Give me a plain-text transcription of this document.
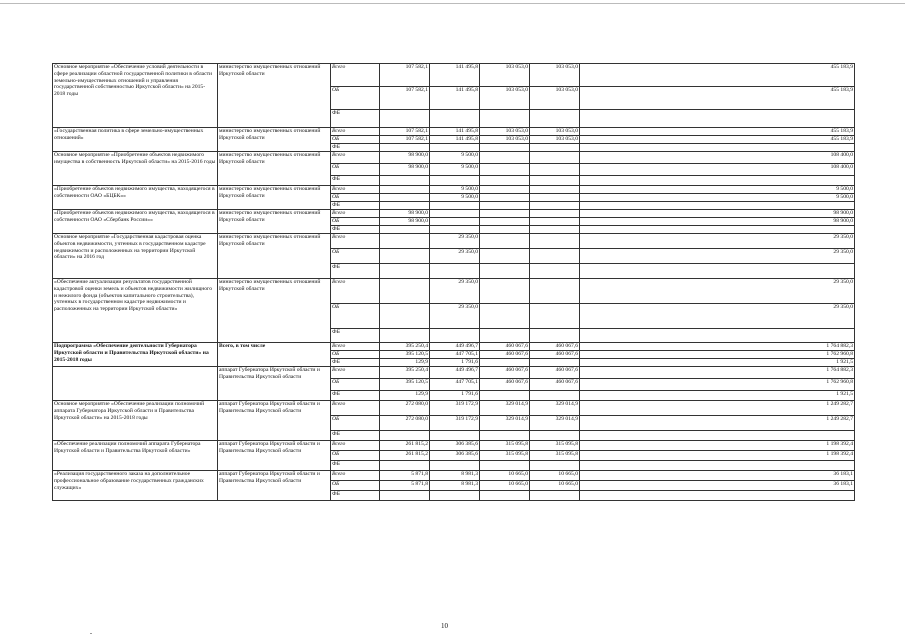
Основное мероприятие «Обеспечение условий деятельности в сфере реализации областной государственной политики в области земельно-имущественных отношений и управления государственной собственностью Иркутской области» на 2015-2018 годы	министерство имущественных отношений Иркутской области	Всего	107 582,1	141 495,8	103 053,0	103 053,0	455 183,9
		ОБ	107 582,1	141 495,8	103 053,0	103 053,0	455 183,9
		ФБ					
«Государственная политика в сфере земельно-имущественных отношений»	министерство имущественных отношений Иркутской области	Всего	107 582,1	141 495,8	103 053,0	103 053,0	455 183,9
		ОБ	107 582,1	141 495,8	103 053,0	103 053,0	455 183,9
		ФБ					
Основное мероприятие «Приобретение объектов недвижимого имущества в собственность Иркутской области» на 2015-2016 годы	министерство имущественных отношений Иркутской области	Всего	98 900,0	9 500,0			108 400,0
		ОБ	98 900,0	9 500,0			108 400,0
		ФБ					
«Приобретение объектов недвижимого имущества, находящегося в собственности ОАО «БЦБК»»	министерство имущественных отношений Иркутской области	Всего		9 500,0			9 500,0
		ОБ		9 500,0			9 500,0
		ФБ					
«Приобретение объектов недвижимого имущества, находящегося в собственности ОАО «Сбербанк России»»	министерство имущественных отношений Иркутской области	Всего	98 900,0				98 900,0
		ОБ	98 900,0				98 900,0
		ФБ					
Основное мероприятие «Государственная кадастровая оценка объектов недвижимости, учтенных в государственном кадастре недвижимости и расположенных на территории Иркутской области» на 2016 год	министерство имущественных отношений Иркутской области	Всего		29 350,0			29 350,0
		ОБ		29 350,0			29 350,0
		ФБ					
«Обеспечение актуализации результатов государственной кадастровой оценки земель и объектов недвижимости жилищного и нежилого фонда (объектов капитального строительства), учтенных в государственном кадастре недвижимости и расположенных на территории Иркутской области»	министерство имущественных отношений Иркутской области	Всего		29 350,0			29 350,0
		ОБ		29 350,0			29 350,0
		ФБ					
Подпрограмма «Обеспечение деятельности Губернатора Иркутской области и Правительства Иркутской области» на 2015-2018 годы	Всего, в том числе	Всего	395 250,4	449 496,7	460 067,6	460 067,6	1 764 882,3
		ОБ	395 120,5	447 705,1	460 067,6	460 067,6	1 762 960,8
		ФБ	129,9	1 791,6			1 921,5
	аппарат Губернатора Иркутской области и Правительства Иркутской области	Всего	395 250,4	449 496,7	460 067,6	460 067,6	1 764 882,3
		ОБ	395 120,5	447 705,1	460 067,6	460 067,6	1 762 960,8
		ФБ	129,9	1 791,6			1 921,5
Основное мероприятие «Обеспечение реализации полномочий аппарата Губернатора Иркутской области и Правительства Иркутской области» на 2015-2018 годы	аппарат Губернатора Иркутской области и Правительства Иркутской области	Всего	272 080,0	319 172,9	329 014,9	329 014,9	1 249 282,7
		ОБ	272 080,0	319 172,9	329 014,9	329 014,9	1 249 282,7
		ФБ					
«Обеспечение реализации полномочий аппарата Губернатора Иркутской области и Правительства Иркутской области»	аппарат Губернатора Иркутской области и Правительства Иркутской области	Всего	261 815,2	306 385,6	315 095,8	315 095,8	1 198 392,4
		ОБ	261 815,2	306 385,6	315 095,8	315 095,8	1 198 392,4
		ФБ					
«Реализация государственного заказа на дополнительное профессиональное образование государственных гражданских служащих»	аппарат Губернатора Иркутской области и Правительства Иркутской области	Всего	5 871,8	8 981,3	10 665,0	10 665,0	36 183,1
		ОБ	5 871,8	8 981,3	10 665,0	10 665,0	36 183,1
		ФБ					
10
